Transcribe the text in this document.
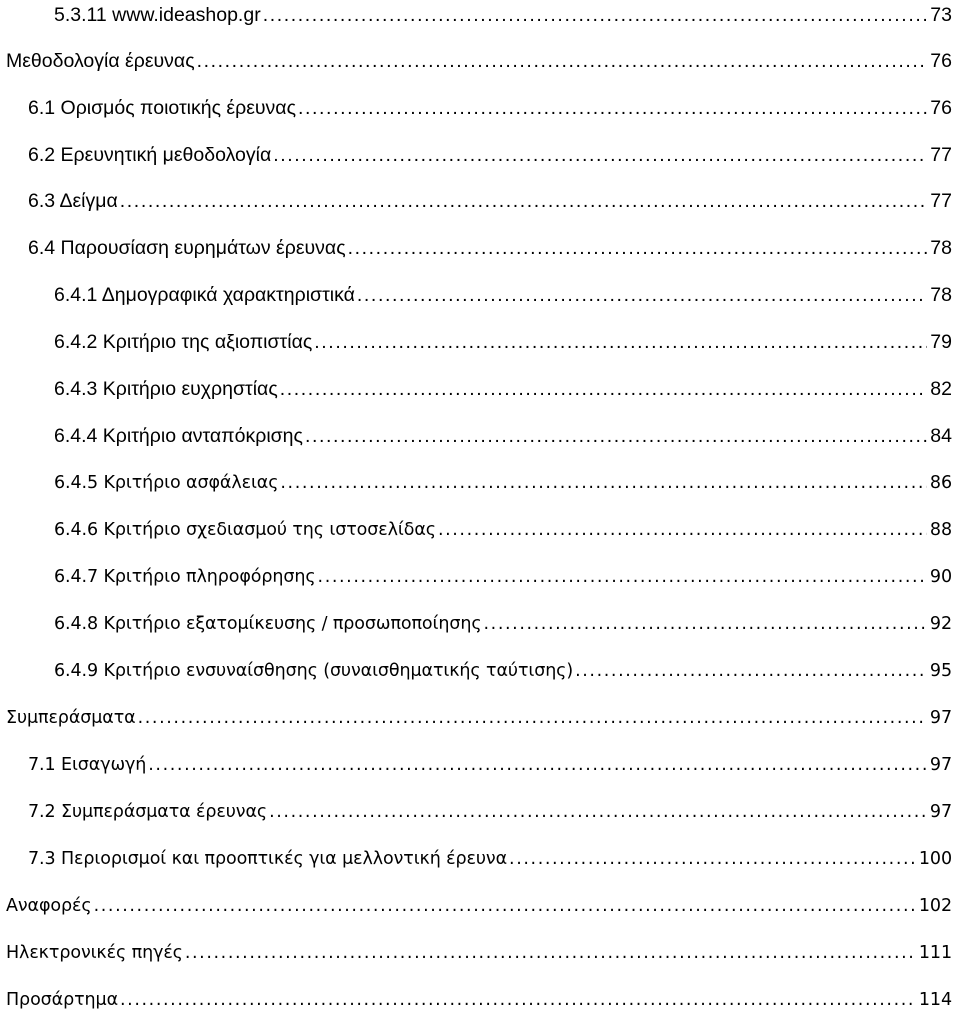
5.3.11 www.ideashop.gr .....	73
Μεθοδολογία έρευνας .....	76
6.1 Ορισμός ποιοτικής έρευνας .....	76
6.2 Ερευνητική μεθοδολογία .....	77
6.3 Δείγμα .....	77
6.4 Παρουσίαση ευρημάτων έρευνας .....	78
6.4.1 Δημογραφικά χαρακτηριστικά .....	78
6.4.2 Κριτήριο της αξιοπιστίας .....	79
6.4.3 Κριτήριο ευχρηστίας .....	82
6.4.4 Κριτήριο ανταπόκρισης .....	84
6.4.5 Κριτήριο ασφάλειας .....	86
6.4.6 Κριτήριο σχεδιασμού της ιστοσελίδας .....	88
6.4.7 Κριτήριο πληροφόρησης .....	90
6.4.8 Κριτήριο εξατομίκευσης / προσωποποίησης .....	92
6.4.9 Κριτήριο ενσυναίσθησης (συναισθηματικής ταύτισης) .....	95
Συμπεράσματα .....	97
7.1 Εισαγωγή .....	97
7.2 Συμπεράσματα έρευνας .....	97
7.3 Περιορισμοί και προοπτικές για μελλοντική έρευνα .....	100
Αναφορές .....	102
Ηλεκτρονικές πηγές .....	111
Προσάρτημα .....	114
